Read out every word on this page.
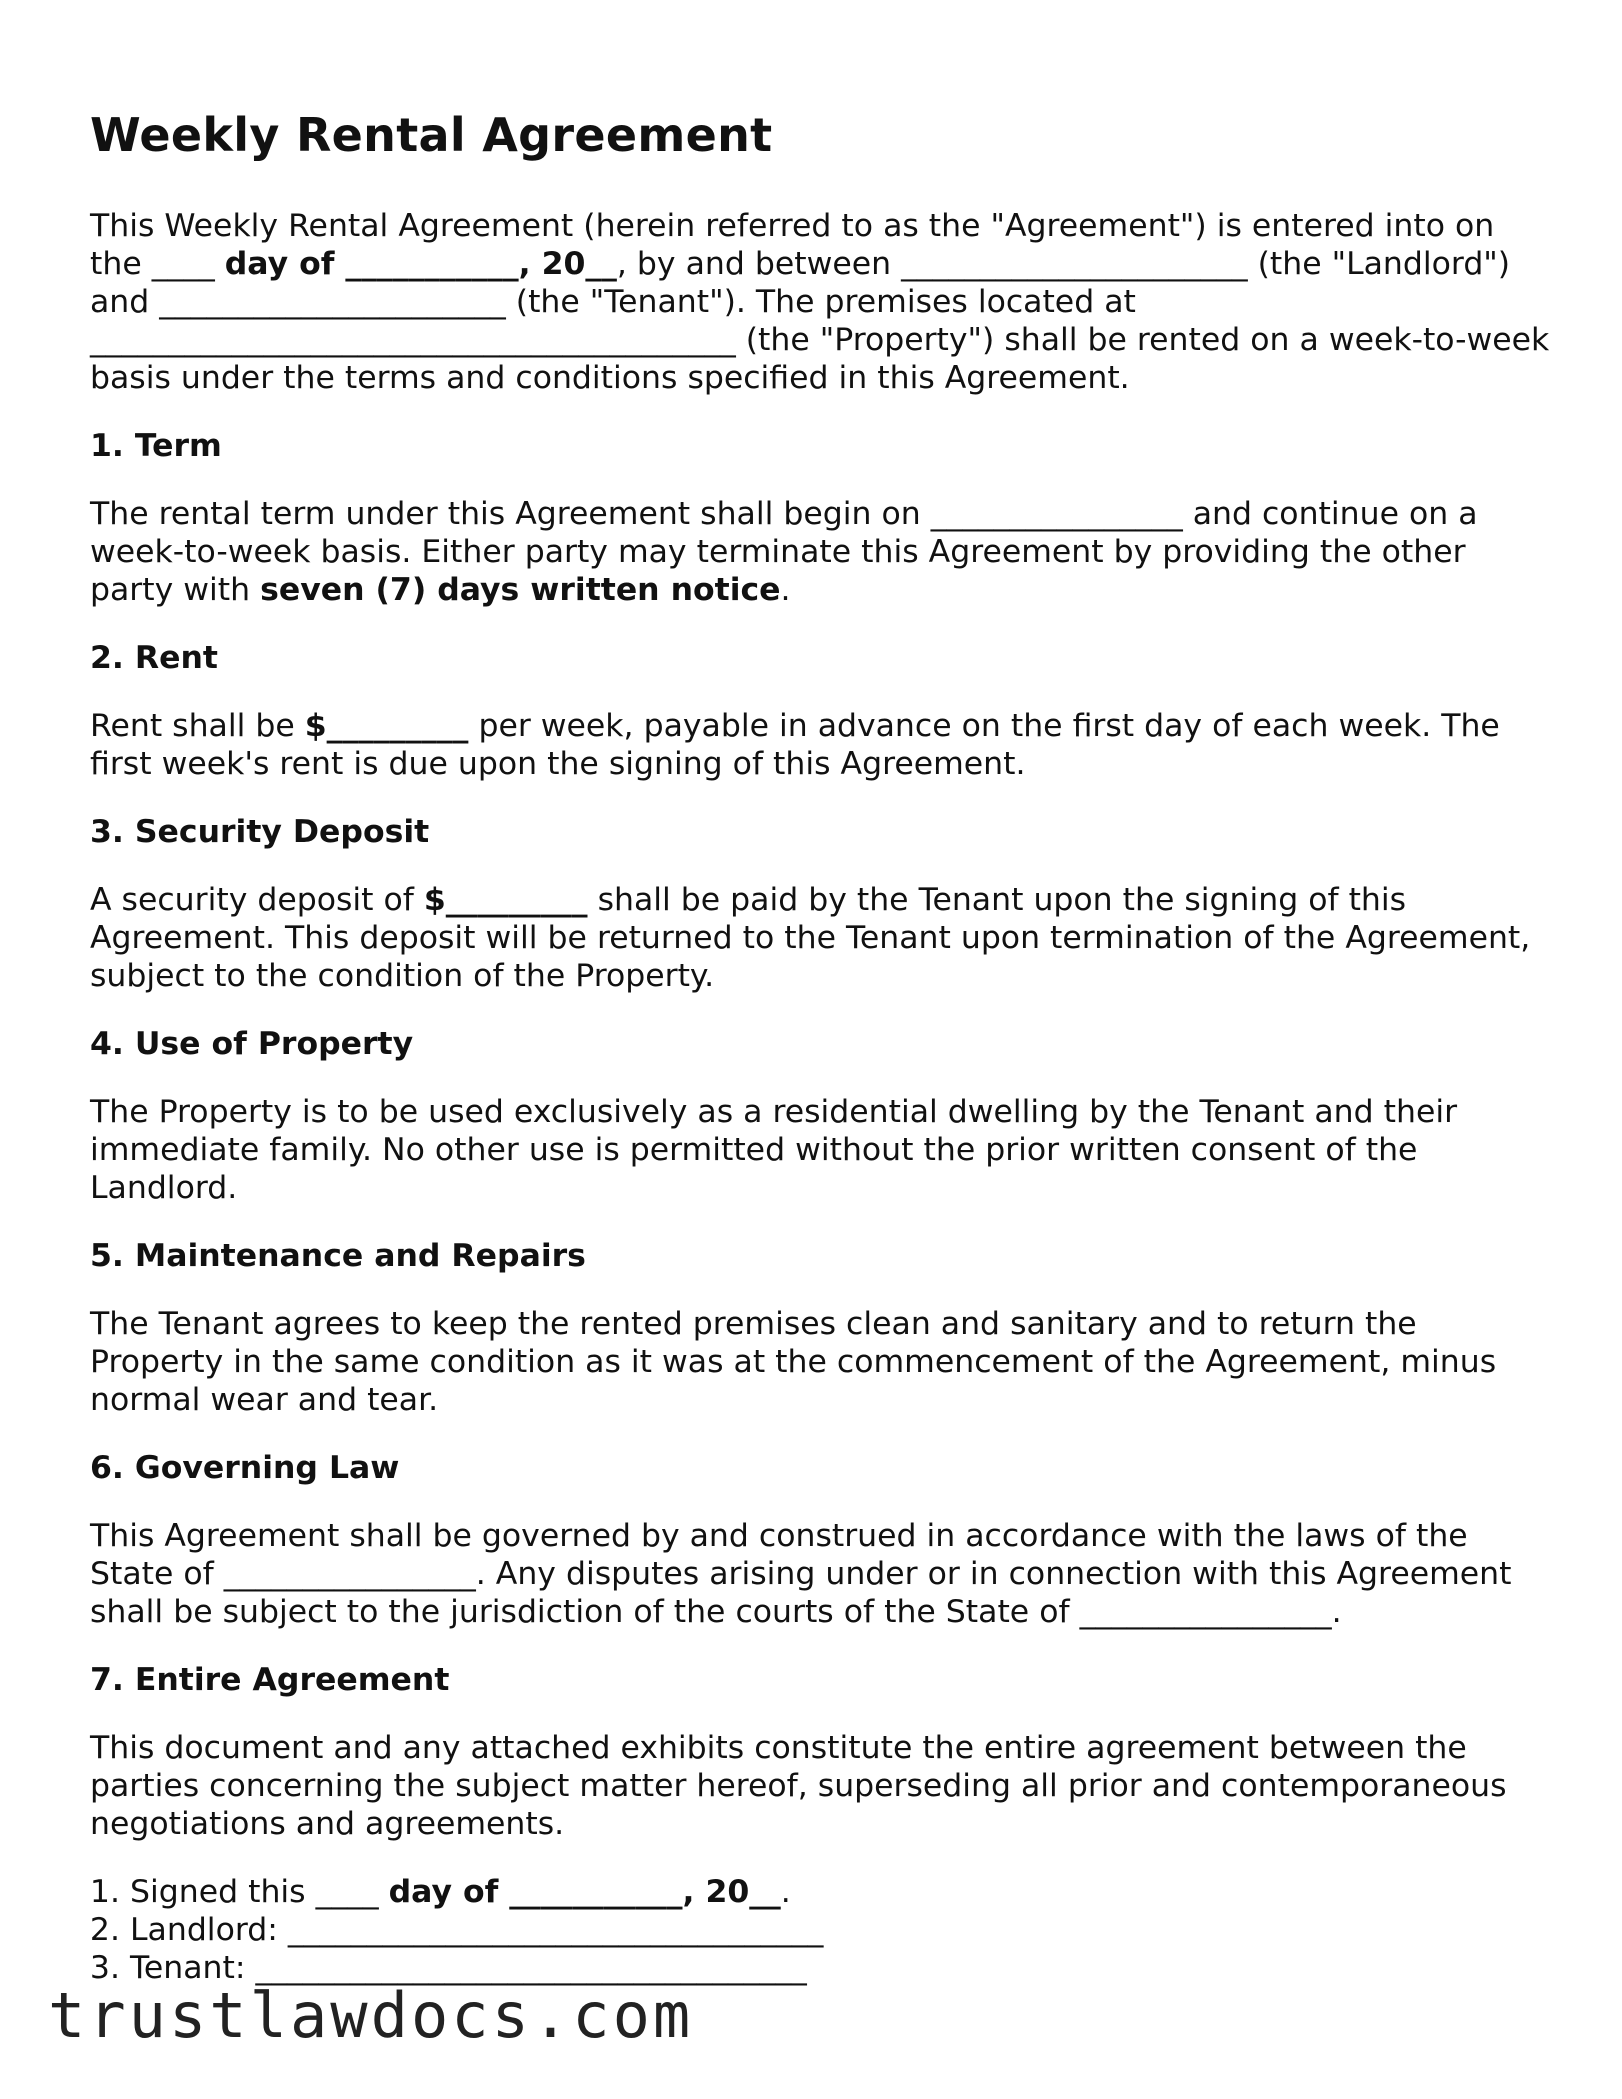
Weekly Rental Agreement

This Weekly Rental Agreement (herein referred to as the "Agreement") is entered into on the ____ day of ___________, 20__, by and between ______________________ (the "Landlord") and ______________________ (the "Tenant"). The premises located at _________________________________________ (the "Property") shall be rented on a week-to-week basis under the terms and conditions specified in this Agreement.

1. Term

The rental term under this Agreement shall begin on ________________ and continue on a week-to-week basis. Either party may terminate this Agreement by providing the other party with seven (7) days written notice.

2. Rent

Rent shall be $_________ per week, payable in advance on the first day of each week. The first week's rent is due upon the signing of this Agreement.

3. Security Deposit

A security deposit of $_________ shall be paid by the Tenant upon the signing of this Agreement. This deposit will be returned to the Tenant upon termination of the Agreement, subject to the condition of the Property.

4. Use of Property

The Property is to be used exclusively as a residential dwelling by the Tenant and their immediate family. No other use is permitted without the prior written consent of the Landlord.

5. Maintenance and Repairs

The Tenant agrees to keep the rented premises clean and sanitary and to return the Property in the same condition as it was at the commencement of the Agreement, minus normal wear and tear.

6. Governing Law

This Agreement shall be governed by and construed in accordance with the laws of the State of ________________. Any disputes arising under or in connection with this Agreement shall be subject to the jurisdiction of the courts of the State of ________________.

7. Entire Agreement

This document and any attached exhibits constitute the entire agreement between the parties concerning the subject matter hereof, superseding all prior and contemporaneous negotiations and agreements.

1. Signed this ____ day of ___________, 20__.
2. Landlord: __________________________________
3. Tenant: ___________________________________
trustlawdocs.com
